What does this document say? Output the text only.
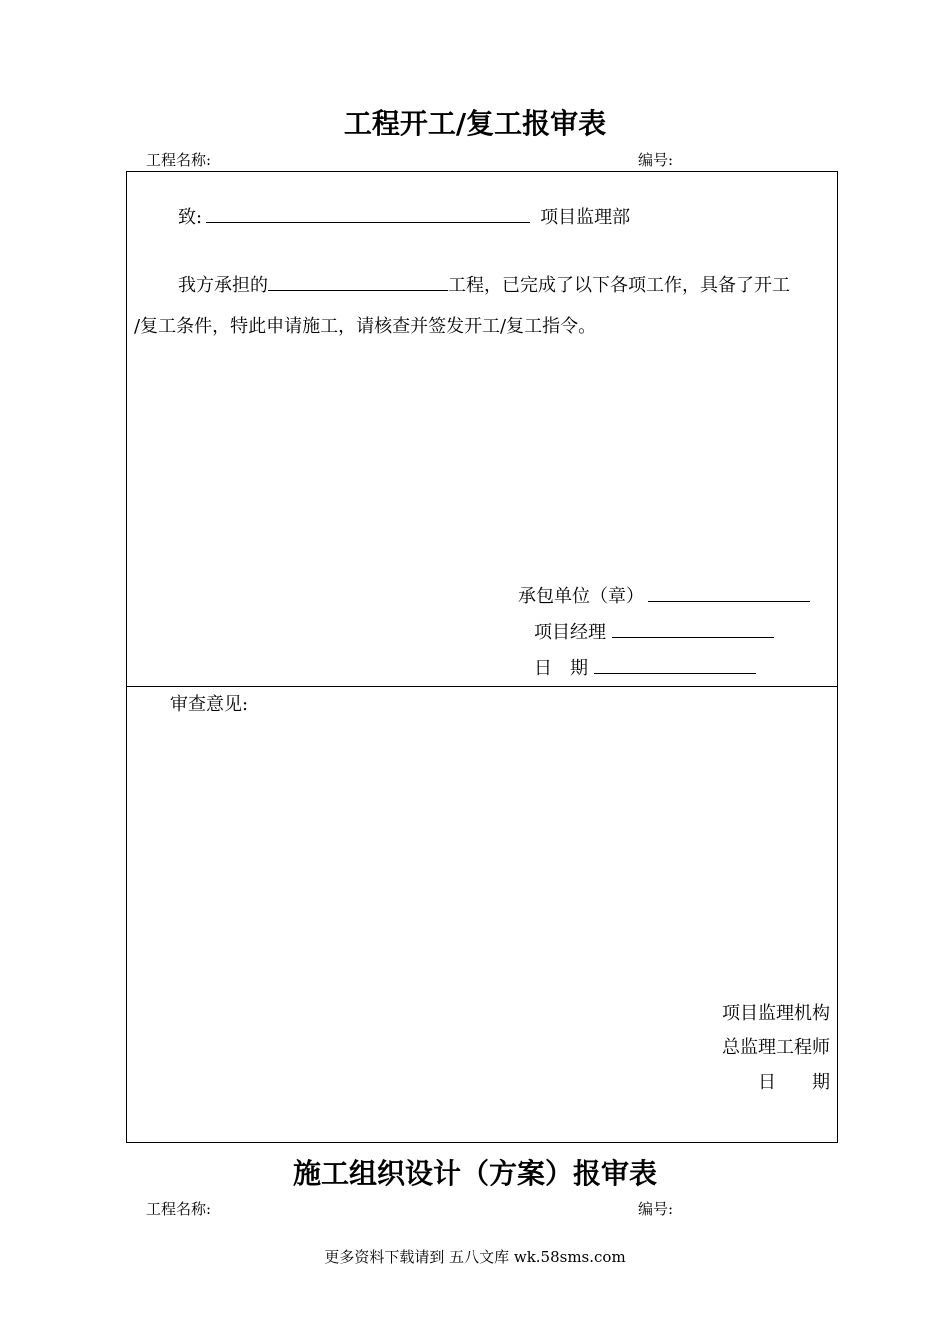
工程开工/复工报审表
工程名称:	编号:
致:	项目监理部
我方承担的	工程，已完成了以下各项工作，具备了开工
/复工条件，特此申请施工，请核查并签发开工/复工指令。
承包单位（章）
项目经理
日　期
审查意见:
项目监理机构
总监理工程师
日　　期
施工组织设计（方案）报审表
工程名称:	编号:
更多资料下载请到 五八文库 wk.58sms.com
